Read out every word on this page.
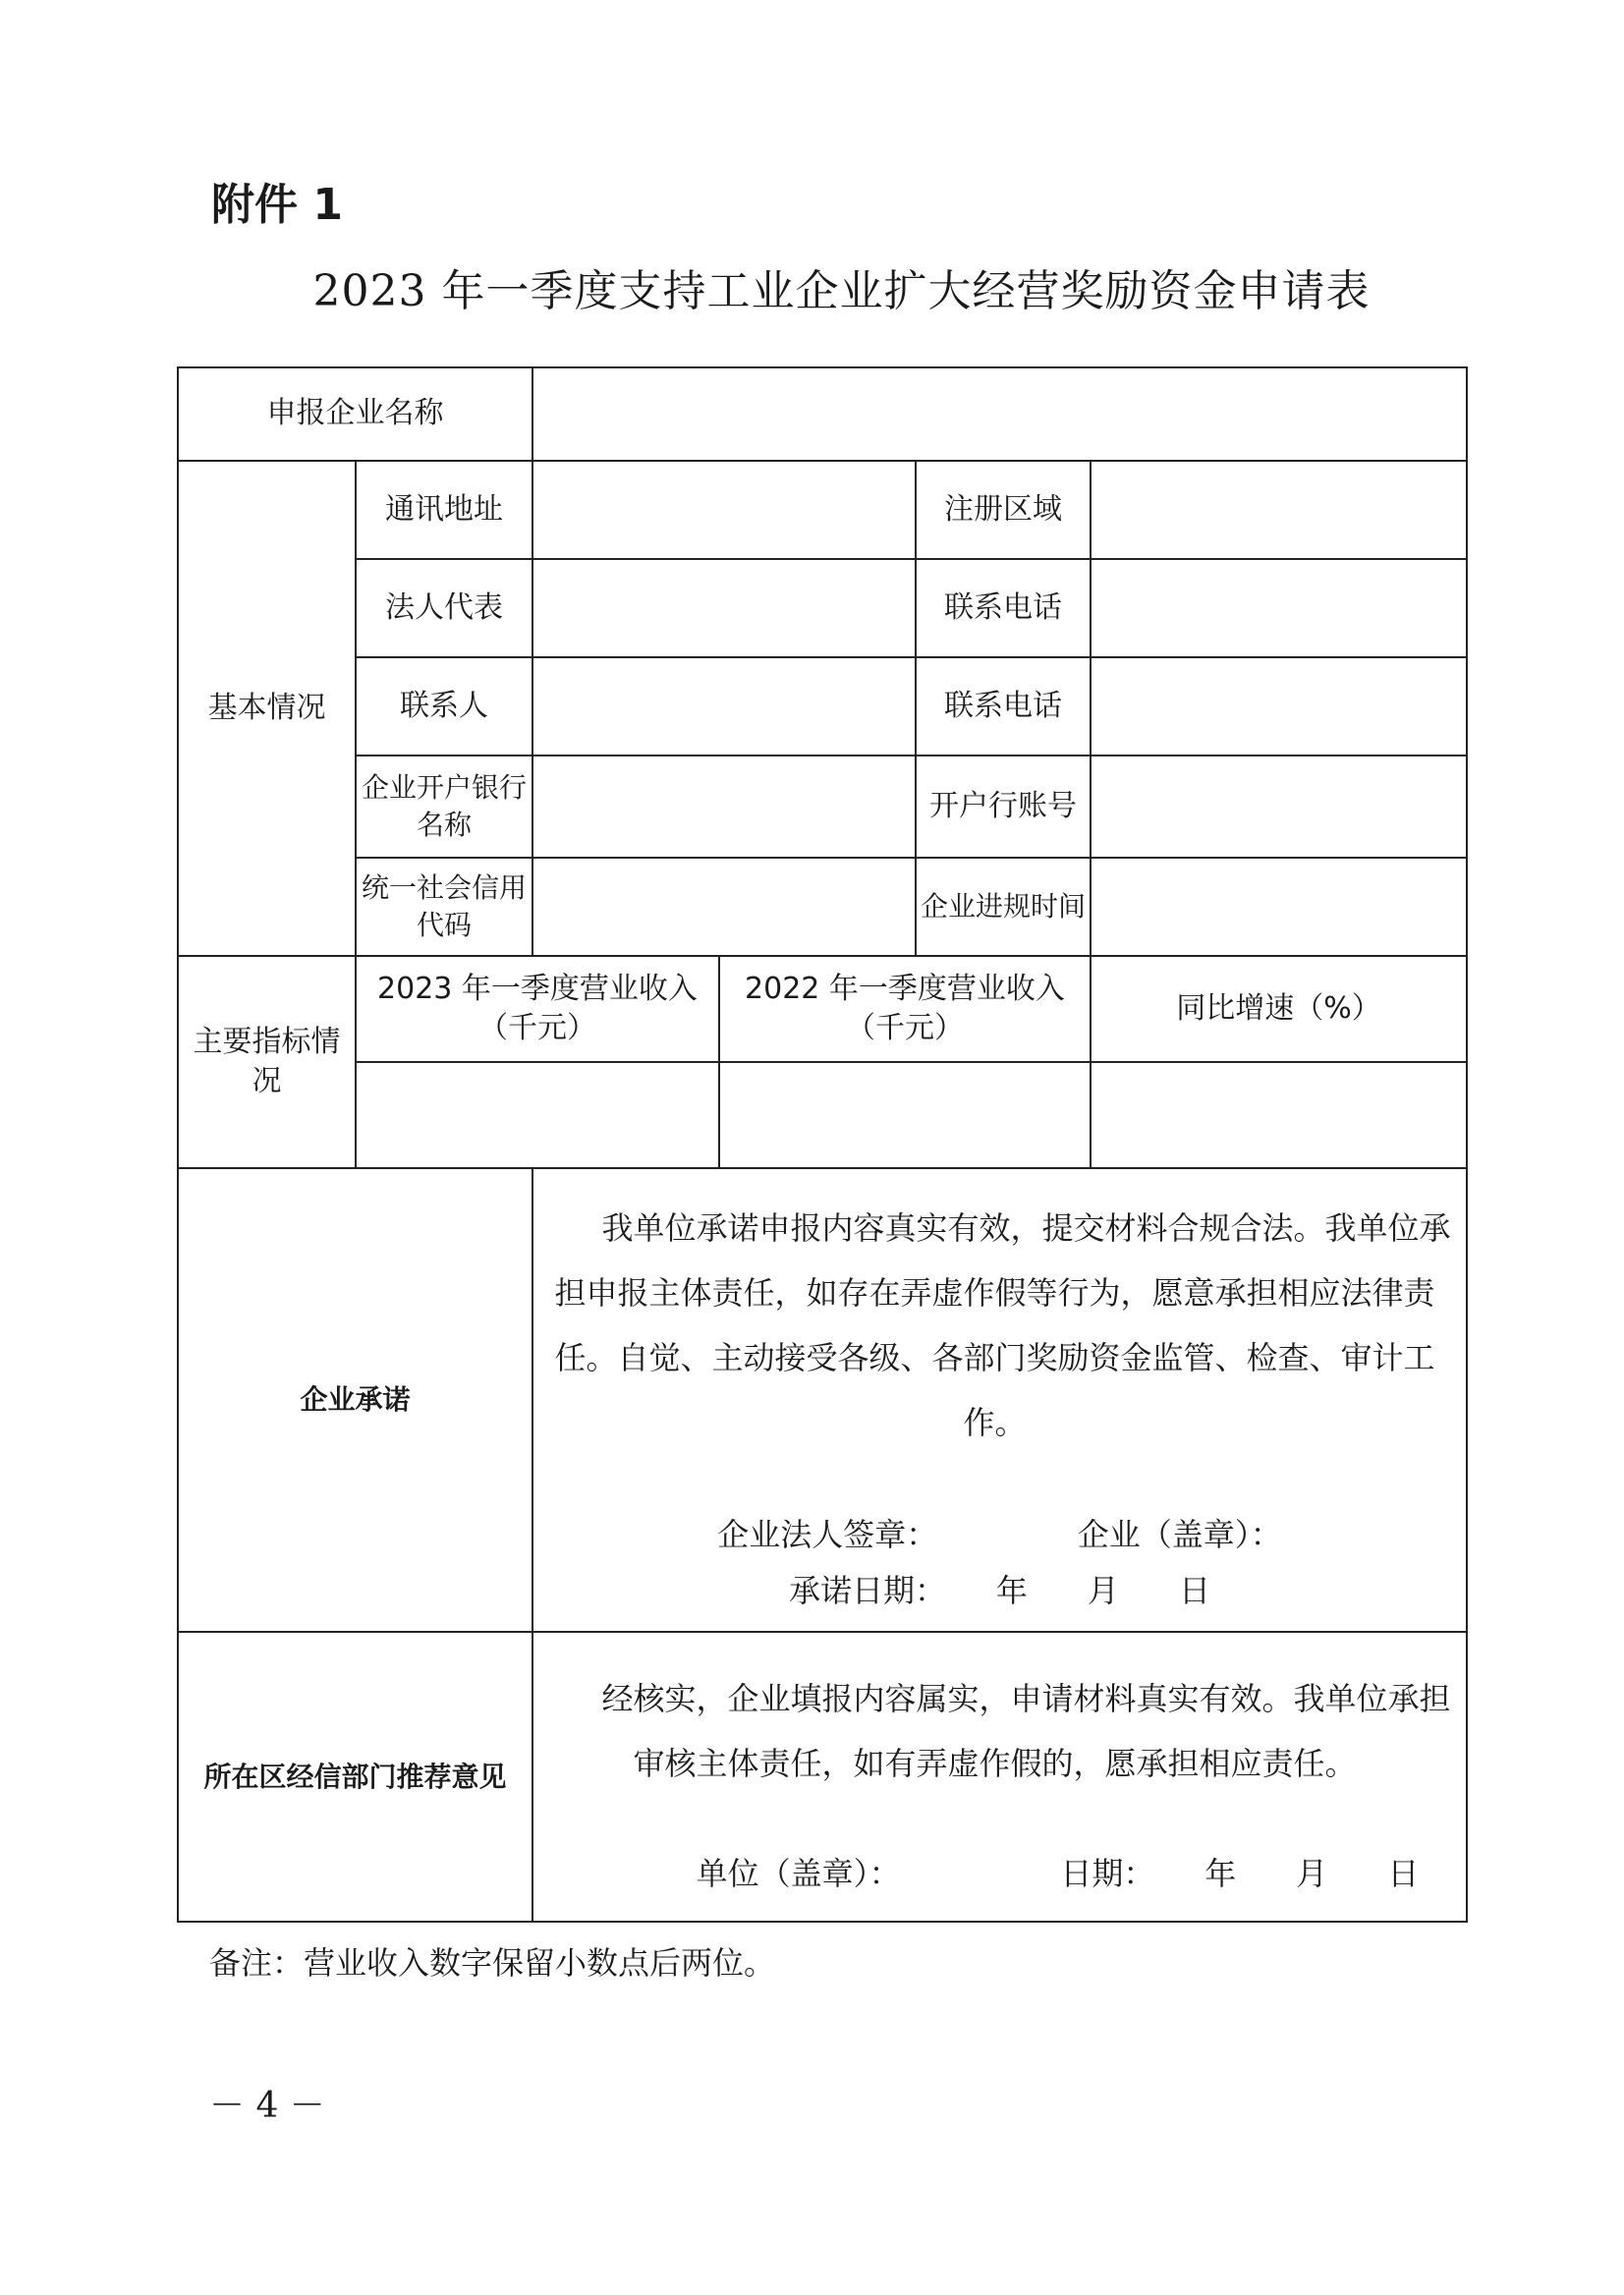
附件 1
2023 年一季度支持工业企业扩大经营奖励资金申请表
申报企业名称					
基本情况	通讯地址			注册区域	
	法人代表			联系电话	
	联系人			联系电话	
	企业开户银行名称			开户行账号	
	统一社会信用代码			企业进规时间	
主要指标情况	2023 年一季度营业收入（千元）		2022 年一季度营业收入（千元）		同比增速（%）

企业承诺		我单位承诺申报内容真实有效，提交材料合规合法。我单位承担申报主体责任，如存在弄虚作假等行为，愿意承担相应法律责任。自觉、主动接受各级、各部门奖励资金监管、检查、审计工作。
企业法人签章：              企业（盖章）：
承诺日期：     年      月      日			

所在区经信部门推荐意见		经核实，企业填报内容属实，申请材料真实有效。我单位承担审核主体责任，如有弄虚作假的，愿承担相应责任。
单位（盖章）：                日期：     年      月      日			
备注：营业收入数字保留小数点后两位。
－ 4 －
